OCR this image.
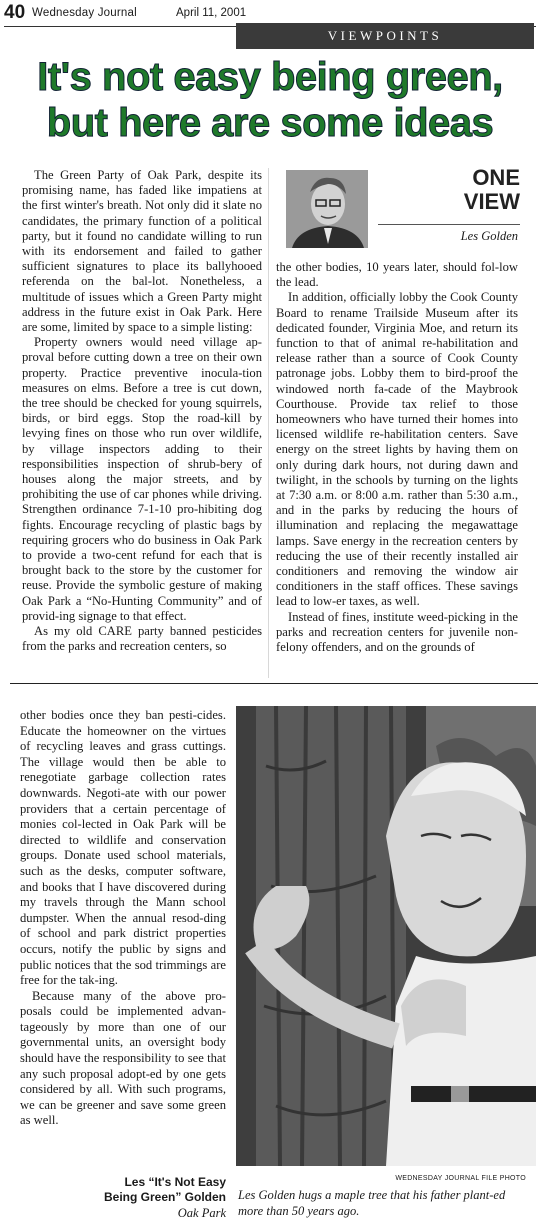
40 Wednesday Journal	April 11, 2001
VIEWPOINTS
It's not easy being green,
but here are some ideas

The Green Party of Oak Park, despite its promising name, has faded like impatiens at the first winter's breath. Not only did it slate no candidates, the primary function of a political party, but it found no candidate willing to run with its endorsement and failed to gather sufficient signatures to place its ballyhooed referenda on the bal-lot. Nonetheless, a multitude of issues which a Green Party might address in the future exist in Oak Park. Here are some, limited by space to a simple listing:

Property owners would need village ap-proval before cutting down a tree on their own property. Practice preventive inocula-tion measures on elms. Before a tree is cut down, the tree should be checked for young squirrels, birds, or bird eggs. Stop the road-kill by levying fines on those who run over wildlife, by village inspectors adding to their responsibilities inspection of shrub-bery of houses along the major streets, and by prohibiting the use of car phones while driving. Strengthen ordinance 7-1-10 pro-hibiting dog fights. Encourage recycling of plastic bags by requiring grocers who do business in Oak Park to provide a two-cent refund for each that is brought back to the store by the customer for reuse. Provide the symbolic gesture of making Oak Park a “No-Hunting Community” and of provid-ing signage to that effect.

As my old CARE party banned pesticides from the parks and recreation centers, so

ONE
VIEW
Les Golden

the other bodies, 10 years later, should fol-low the lead.

In addition, officially lobby the Cook County Board to rename Trailside Museum after its dedicated founder, Virginia Moe, and return its function to that of animal re-habilitation and release rather than a source of Cook County patronage jobs. Lobby them to bird-proof the windowed north fa-cade of the Maybrook Courthouse. Provide tax relief to those homeowners who have turned their homes into licensed wildlife re-habilitation centers. Save energy on the street lights by having them on only during dark hours, not during dawn and twilight, in the schools by turning on the lights at 7:30 a.m. or 8:00 a.m. rather than 5:30 a.m., and in the parks by reducing the hours of illumination and replacing the megawattage lamps. Save energy in the recreation centers by reducing the use of their recently installed air conditioners and removing the window air conditioners in the staff offices. These savings lead to low-er taxes, as well.

Instead of fines, institute weed-picking in the parks and recreation centers for juvenile non-felony offenders, and on the grounds of

other bodies once they ban pesti-cides. Educate the homeowner on the virtues of recycling leaves and grass cuttings. The village would then be able to renegotiate garbage collection rates downwards. Negoti-ate with our power providers that a certain percentage of monies col-lected in Oak Park will be directed to wildlife and conservation groups. Donate used school materials, such as the desks, computer software, and books that I have discovered during my travels through the Mann school dumpster. When the annual resod-ding of school and park district properties occurs, notify the public by signs and public notices that the sod trimmings are free for the tak-ing.

Because many of the above pro-posals could be implemented advan-tageously by more than one of our governmental units, an oversight body should have the responsibility to see that any such proposal adopt-ed by one gets considered by all. With such programs, we can be greener and save some green as well.

WEDNESDAY JOURNAL FILE PHOTO
Les Golden hugs a maple tree that his father plant-ed more than 50 years ago.
Les “It's Not Easy
Being Green” Golden
Oak Park
